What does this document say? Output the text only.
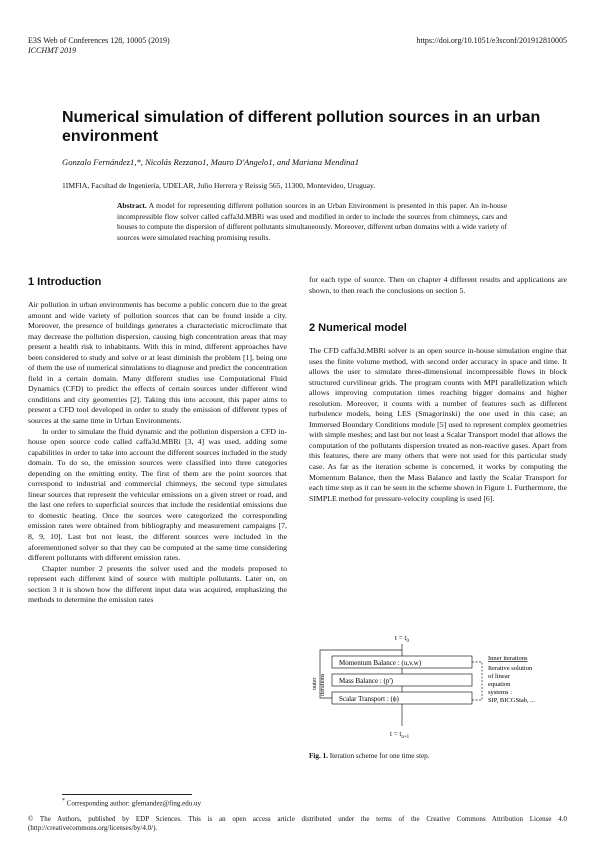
E3S Web of Conferences 128, 10005 (2019)
ICCHMT 2019
https://doi.org/10.1051/e3sconf/201912810005
Numerical simulation of different pollution sources in an urban environment
Gonzalo Fernández1,*, Nicolás Rezzano1, Mauro D'Angelo1, and Mariana Mendina1
1IMFIA, Facultad de Ingeniería, UDELAR, Julio Herrera y Reissig 565, 11300, Montevideo, Uruguay.
Abstract. A model for representing different pollution sources in an Urban Environment is presented in this paper. An in-house incompressible flow solver called caffa3d.MBRi was used and modified in order to include the sources from chimneys, cars and houses to compute the dispersion of different pollutants simultaneously. Moreover, different urban domains with a wide variety of sources were simulated reaching promising results.
1 Introduction

Air pollution in urban environments has become a public concern due to the great amount and wide variety of pollution sources that can be found inside a city. Moreover, the presence of buildings generates a characteristic microclimate that may decrease the pollution dispersion, causing high concentration areas that may present a health risk to inhabitants. With this in mind, different approaches have been considered to study and solve or at least diminish the problem [1], being one of them the use of numerical simulations to diagnose and predict the concentration field in a certain domain. Many different studies use Computational Fluid Dynamics (CFD) to predict the effects of certain sources under different wind conditions and city geometries [2]. Taking this into account, this paper aims to present a CFD tool developed in order to study the emission of different types of sources at the same time in Urban Environments.

In order to simulate the fluid dynamic and the pollution dispersion a CFD in-house open source code called caffa3d.MBRi [3, 4] was used, adding some capabilities in order to take into account the different sources included in the study domain. To do so, the emission sources were classified into three categories depending on the emitting entity. The first of them are the point sources that correspond to industrial and commercial chimneys, the second type simulates linear sources that represent the vehicular emissions on a given street or road, and the last one refers to superficial sources that include the residential emissions due to domestic heating. Once the sources were categorized the corresponding emission rates were obtained from bibliography and measurement campaigns [7, 8, 9, 10]. Last but not least, the different sources were included in the aforementioned solver so that they can be computed at the same time considering different pollutants with different emission rates.

Chapter number 2 presents the solver used and the models proposed to represent each different kind of source with multiple pollutants. Later on, on section 3 it is shown how the different input data was acquired, emphasizing the methods to determine the emission rates

for each type of source. Then on chapter 4 different results and applications are shown, to then reach the conclusions on section 5.

2 Numerical model

The CFD caffa3d.MBRi solver is an open source in-house simulation engine that uses the finite volume method, with second order accuracy in space and time. It allows the user to simulate three-dimensional incompressible flows in block structured curvilinear grids. The program counts with MPI parallelization which allows improving computation times reaching bigger domains and higher resolution. Moreover, it counts with a number of features such as different turbulence models, being LES (Smagorinski) the one used in this case; an Immersed Boundary Conditions module [5] used to represent complex geometries with simple meshes; and last but not least a Scalar Transport model that allows the computation of the pollutants dispersion treated as non-reactive gases. Apart from this features, there are many others that were not used for this particular study case. As far as the iteration scheme is concerned, it works by computing the Momentum Balance, then the Mass Balance and lastly the Scalar Transport for each time step as it can be seen in the scheme shown in Figure 1. Furthermore, the SIMPLE method for pressure-velocity coupling is used [6].

$t = t_0$
Momentum Balance : (u,v,w)
Mass Balance : (p')
Scalar Transport : (ϕ)
outer iterations
$t = t_{n+1}$
Inner iterations
Iterative solution
of linear
equation
systems :
SIP, BICGStab, ...
Fig. 1. Iteration scheme for one time step.
* Corresponding author: gfernandez@fing.edu.uy
© The Authors, published by EDP Sciences. This is an open access article distributed under the terms of the Creative Commons Attribution License 4.0 (http://creativecommons.org/licenses/by/4.0/).
